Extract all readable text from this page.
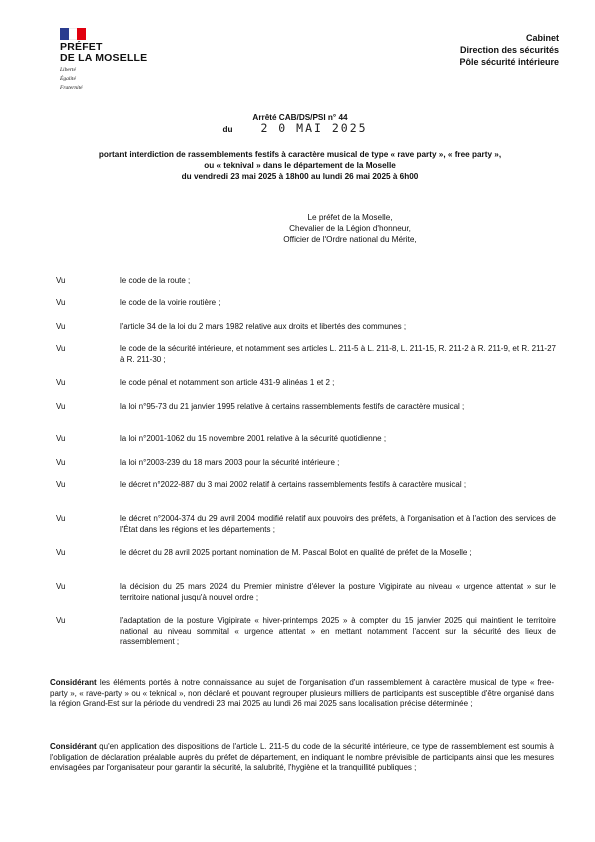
PRÉFET
DE LA MOSELLE
Liberté
Égalité
Fraternité
Cabinet
Direction des sécurités
Pôle sécurité intérieure
Arrêté CAB/DS/PSI n° 44
du 2 0 MAI 2025
portant interdiction de rassemblements festifs à caractère musical de type « rave party », « free party »,
ou « teknival » dans le département de la Moselle
du vendredi 23 mai 2025 à 18h00 au lundi 26 mai 2025 à 6h00
Le préfet de la Moselle,
Chevalier de la Légion d'honneur,
Officier de l'Ordre national du Mérite,
Vu	le code de la route ;
Vu	le code de la voirie routière ;
Vu	l'article 34 de la loi du 2 mars 1982 relative aux droits et libertés des communes ;
Vu	le code de la sécurité intérieure, et notamment ses articles L. 211-5 à L. 211-8, L. 211-15, R. 211-2 à R. 211-9, et R. 211-27 à R. 211-30 ;
Vu	le code pénal et notamment son article 431-9 alinéas 1 et 2 ;
Vu	la loi n°95-73 du 21 janvier 1995 relative à certains rassemblements festifs de caractère musical ;
Vu	la loi n°2001-1062 du 15 novembre 2001 relative à la sécurité quotidienne ;
Vu	la loi n°2003-239 du 18 mars 2003 pour la sécurité intérieure ;
Vu	le décret n°2022-887 du 3 mai 2002 relatif à certains rassemblements festifs à caractère musical ;
Vu	le décret n°2004-374 du 29 avril 2004 modifié relatif aux pouvoirs des préfets, à l'organisation et à l'action des services de l'État dans les régions et les départements ;
Vu	le décret du 28 avril 2025 portant nomination de M. Pascal Bolot en qualité de préfet de la Moselle ;
Vu	la décision du 25 mars 2024 du Premier ministre d'élever la posture Vigipirate au niveau « urgence attentat » sur le territoire national jusqu'à nouvel ordre ;
Vu	l'adaptation de la posture Vigipirate « hiver-printemps 2025 » à compter du 15 janvier 2025 qui maintient le territoire national au niveau sommital « urgence attentat » en mettant notamment l'accent sur la sécurité des lieux de rassemblement ;
Considérant les éléments portés à notre connaissance au sujet de l'organisation d'un rassemblement à caractère musical de type « free-party », « rave-party » ou « teknical », non déclaré et pouvant regrouper plusieurs milliers de participants est susceptible d'être organisé dans la région Grand-Est sur la période du vendredi 23 mai 2025 au lundi 26 mai 2025 sans localisation précise déterminée ;
Considérant qu'en application des dispositions de l'article L. 211-5 du code de la sécurité intérieure, ce type de rassemblement est soumis à l'obligation de déclaration préalable auprès du préfet de département, en indiquant le nombre prévisible de participants ainsi que les mesures envisagées par l'organisateur pour garantir la sécurité, la salubrité, l'hygiène et la tranquillité publiques ;
